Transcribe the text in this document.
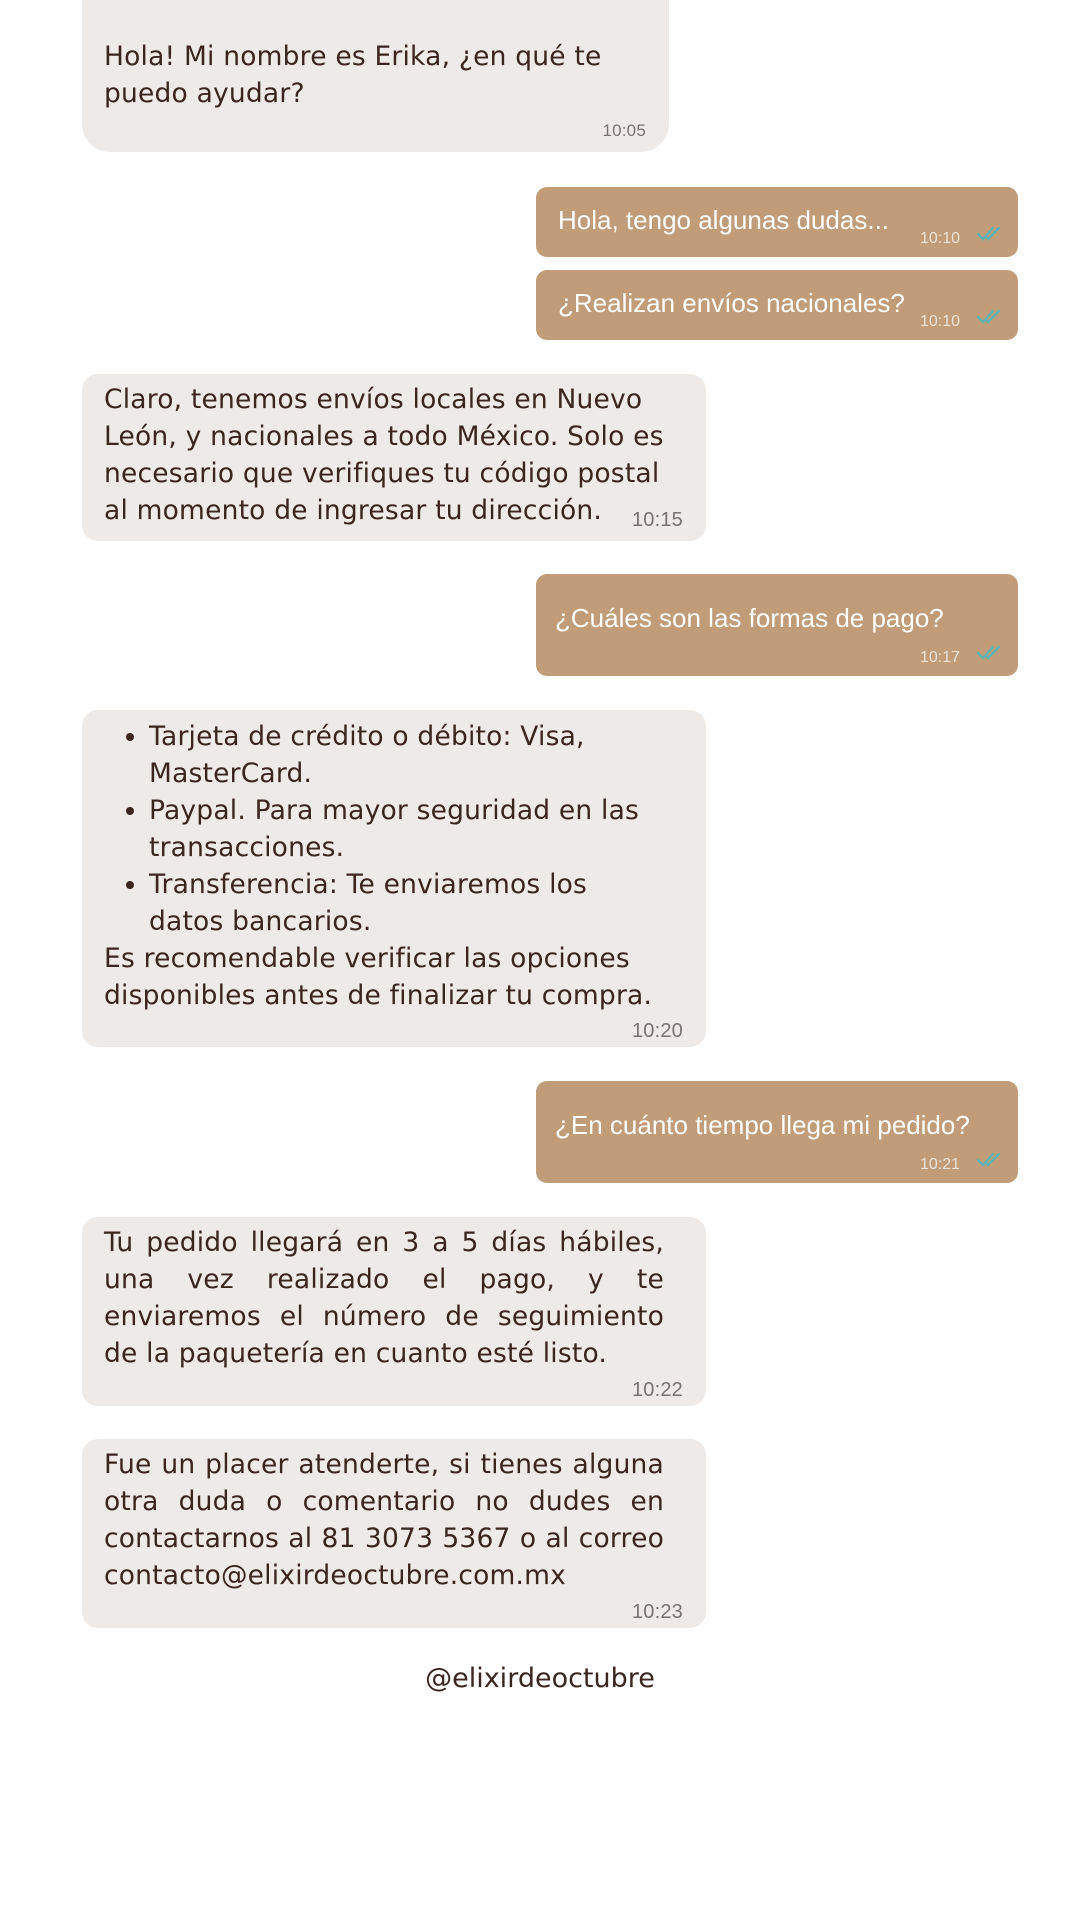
Hola! Mi nombre es Erika, ¿en qué te
puedo ayudar?
10:05
Hola, tengo algunas dudas...
10:10
¿Realizan envíos nacionales?
10:10
Claro, tenemos envíos locales en Nuevo
León, y nacionales a todo México. Solo es
necesario que verifiques tu código postal
al momento de ingresar tu dirección.	10:15
¿Cuáles son las formas de pago?
10:17
• Tarjeta de crédito o débito: Visa,
MasterCard.
• Paypal. Para mayor seguridad en las
transacciones.
• Transferencia: Te enviaremos los
datos bancarios.
Es recomendable verificar las opciones
disponibles antes de finalizar tu compra.
10:20
¿En cuánto tiempo llega mi pedido?
10:21
Tu pedido llegará en 3 a 5 días hábiles, una vez realizado el pago, y te enviaremos el número de seguimiento de la paquetería en cuanto esté listo.
10:22
Fue un placer atenderte, si tienes alguna otra duda o comentario no dudes en contactarnos al 81 3073 5367 o al correo contacto@elixirdeoctubre.com.mx
10:23
@elixirdeoctubre
